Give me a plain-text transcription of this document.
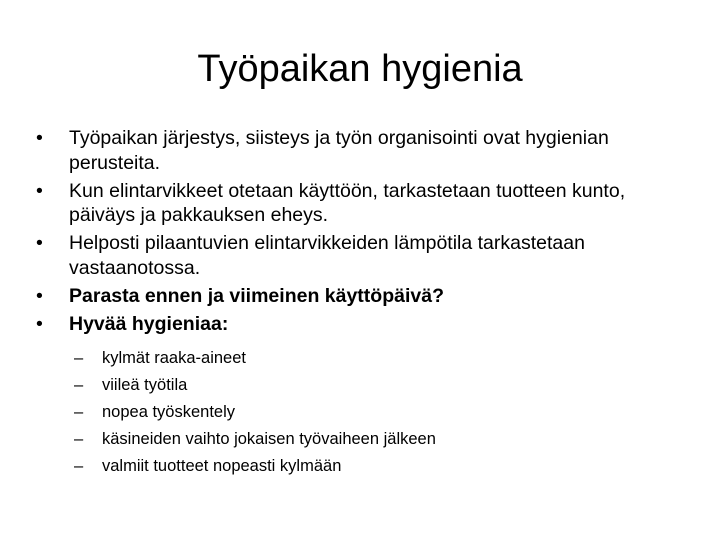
Työpaikan hygienia
•	Työpaikan järjestys, siisteys ja työn organisointi ovat hygienian perusteita.
•	Kun elintarvikkeet otetaan käyttöön, tarkastetaan tuotteen kunto, päiväys ja pakkauksen eheys.
•	Helposti pilaantuvien elintarvikkeiden lämpötila tarkastetaan vastaanotossa.
•	Parasta ennen ja viimeinen käyttöpäivä?
•	Hyvää hygieniaa:
– kylmät raaka-aineet
– viileä työtila
– nopea työskentely
– käsineiden vaihto jokaisen työvaiheen jälkeen
– valmiit tuotteet nopeasti kylmään
